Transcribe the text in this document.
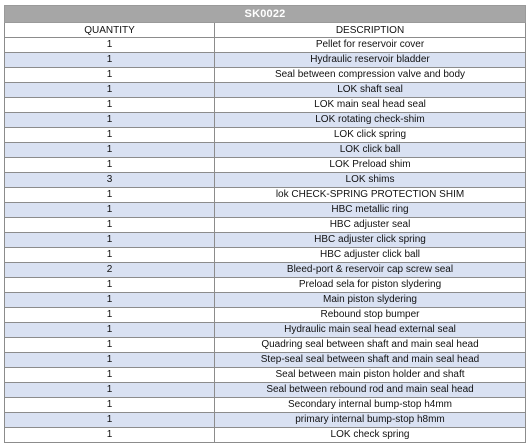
SK0022	
QUANTITY	DESCRIPTION
1	Pellet for reservoir cover
1	Hydraulic reservoir bladder
1	Seal between compression valve and body
1	LOK shaft seal
1	LOK main seal head seal
1	LOK rotating check-shim
1	LOK click spring
1	LOK click ball
1	LOK Preload shim
3	LOK shims
1	lok CHECK-SPRING PROTECTION SHIM
1	HBC metallic ring
1	HBC adjuster seal
1	HBC adjuster click spring
1	HBC adjuster click ball
2	Bleed-port & reservoir cap screw seal
1	Preload sela for piston slydering
1	Main piston slydering
1	Rebound stop bumper
1	Hydraulic main seal head external seal
1	Quadring seal between shaft and main seal head
1	Step-seal seal between shaft and main seal head
1	Seal between main piston holder and shaft
1	Seal between rebound rod and main seal head
1	Secondary internal bump-stop h4mm
1	primary internal bump-stop h8mm
1	LOK check spring
